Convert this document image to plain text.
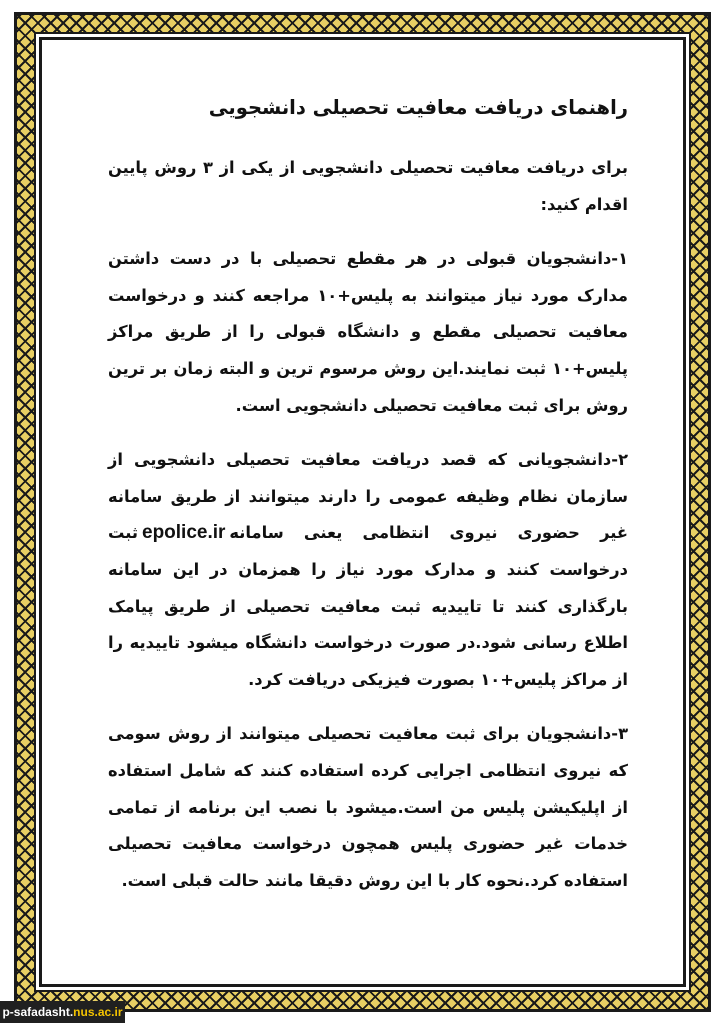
راهنمای دریافت معافیت تحصیلی دانشجویی

برای دریافت معافیت تحصیلی دانشجویی از یکی از ۳ روش پایین اقدام کنید:

۱-دانشجویان قبولی در هر مقطع تحصیلی با در دست داشتن مدارک مورد نیاز میتوانند به پلیس+۱۰ مراجعه کنند و درخواست معافیت تحصیلی مقطع و دانشگاه قبولی را از طریق مراکز پلیس+۱۰ ثبت نمایند.این روش مرسوم ترین و البته زمان بر ترین روش برای ثبت معافیت تحصیلی دانشجویی است.

۲-دانشجویانی که قصد دریافت معافیت تحصیلی دانشجویی از سازمان نظام وظیفه عمومی را دارند میتوانند از طریق سامانه غیر حضوری نیروی انتظامی یعنی سامانهepolice.irثبت درخواست کنند و مدارک مورد نیاز را همزمان در این سامانه بارگذاری کنند تا تاییدیه ثبت معافیت تحصیلی از طریق پیامک اطلاع رسانی شود.در صورت درخواست دانشگاه میشود تاییدیه را از مراکز پلیس+۱۰ بصورت فیزیکی دریافت کرد.

۳-دانشجویان برای ثبت معافیت تحصیلی میتوانند از روش سومی که نیروی انتظامی اجرایی کرده استفاده کنند که شامل استفاده از اپلیکیشن پلیس من است.میشود با نصب این برنامه از تمامی خدمات غیر حضوری پلیس همچون درخواست معافیت تحصیلی استفاده کرد.نحوه کار با این روش دقیقا مانند حالت قبلی است.

p-safadasht.nus.ac.ir
